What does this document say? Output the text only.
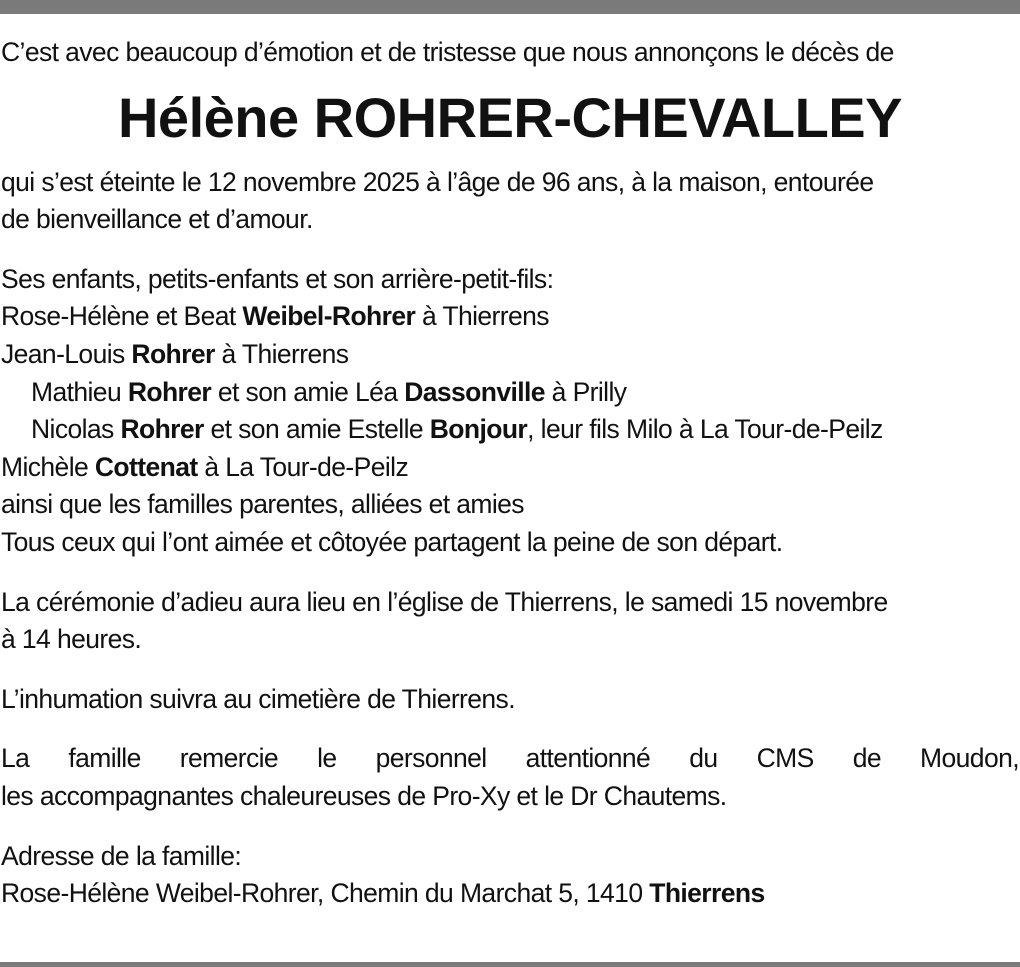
C’est avec beaucoup d’émotion et de tristesse que nous annonçons le décès de
Hélène ROHRER-CHEVALLEY
qui s’est éteinte le 12 novembre 2025 à l’âge de 96 ans, à la maison, entourée
de bienveillance et d’amour.
Ses enfants, petits-enfants et son arrière-petit-fils:
Rose-Hélène et Beat Weibel-Rohrer à Thierrens
Jean-Louis Rohrer à Thierrens
Mathieu Rohrer et son amie Léa Dassonville à Prilly
Nicolas Rohrer et son amie Estelle Bonjour, leur fils Milo à La Tour-de-Peilz
Michèle Cottenat à La Tour-de-Peilz
ainsi que les familles parentes, alliées et amies
Tous ceux qui l’ont aimée et côtoyée partagent la peine de son départ.
La cérémonie d’adieu aura lieu en l’église de Thierrens, le samedi 15 novembre
à 14 heures.
L’inhumation suivra au cimetière de Thierrens.
La famille remercie le personnel attentionné du CMS de Moudon,
les accompagnantes chaleureuses de Pro-Xy et le Dr Chautems.
Adresse de la famille:
Rose-Hélène Weibel-Rohrer, Chemin du Marchat 5, 1410 Thierrens
